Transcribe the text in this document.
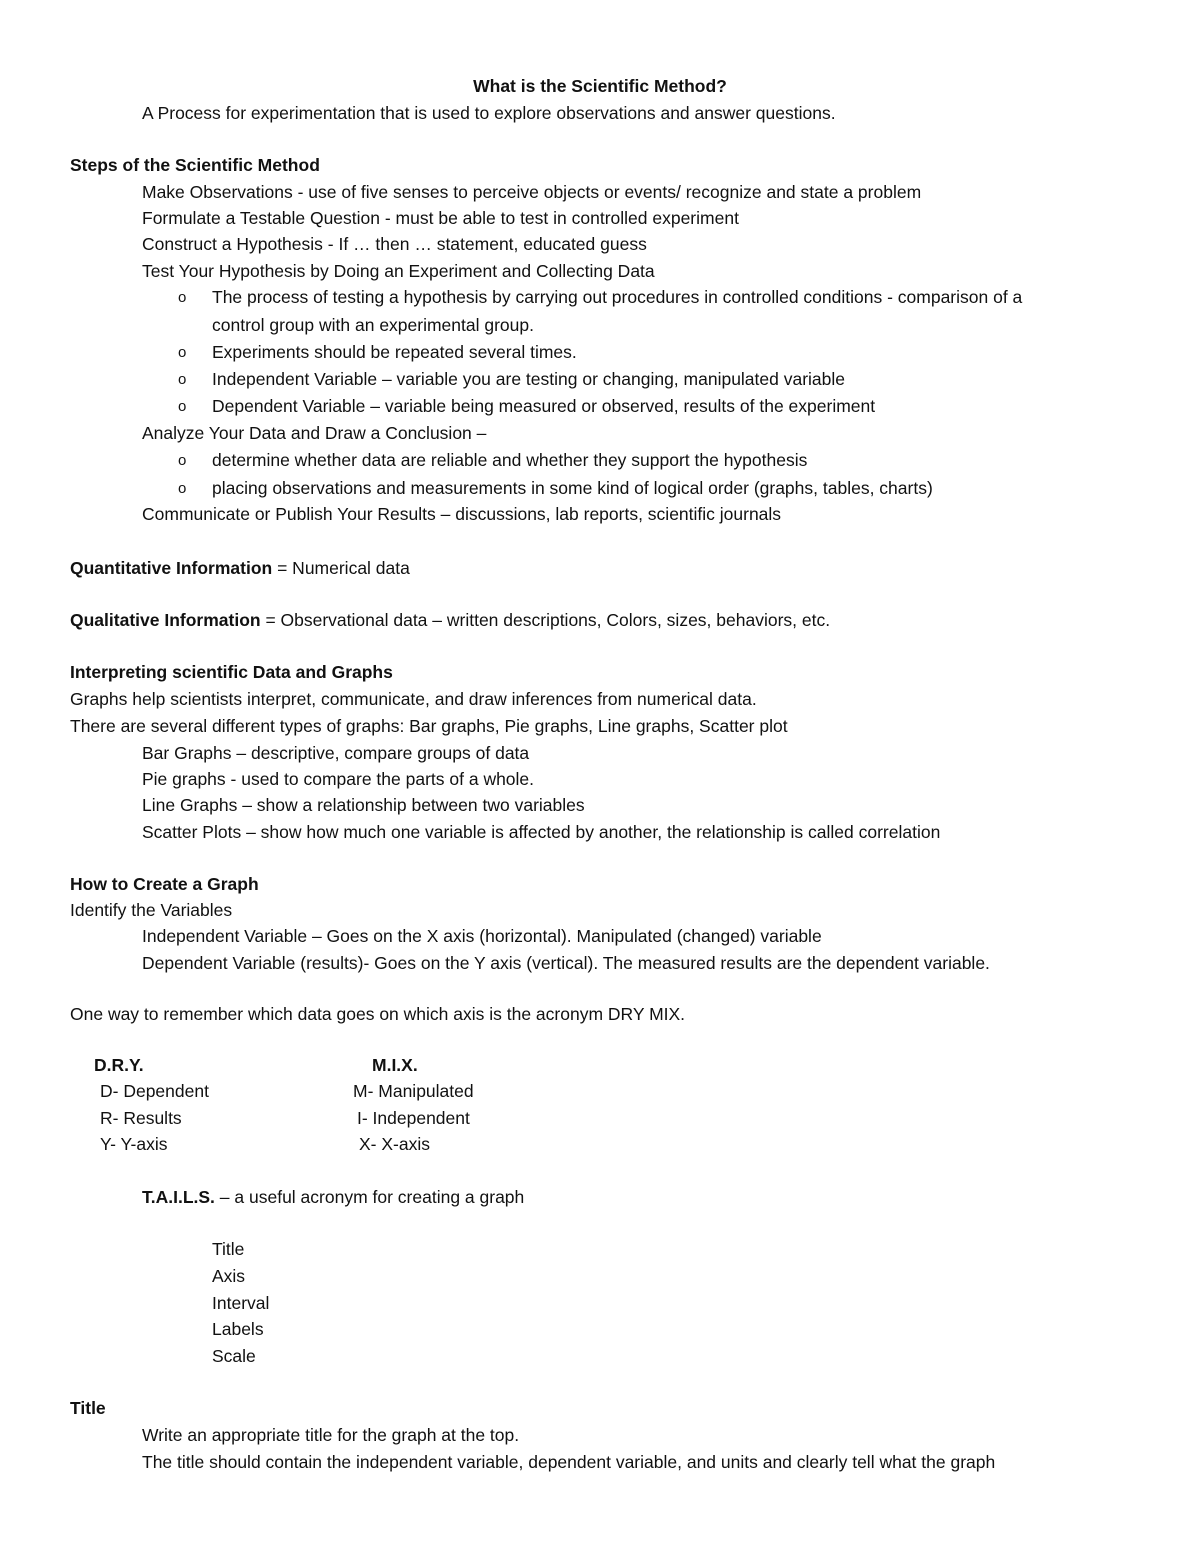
What is the Scientific Method?
A Process for experimentation that is used to explore observations and answer questions.
Steps of the Scientific Method
Make Observations - use of five senses to perceive objects or events/ recognize and state a problem
Formulate a Testable Question - must be able to test in controlled experiment
Construct a Hypothesis - If … then … statement, educated guess
Test Your Hypothesis by Doing an Experiment and Collecting Data
o The process of testing a hypothesis by carrying out procedures in controlled conditions - comparison of a
control group with an experimental group.
o Experiments should be repeated several times.
o Independent Variable – variable you are testing or changing, manipulated variable
o Dependent Variable – variable being measured or observed, results of the experiment
Analyze Your Data and Draw a Conclusion –
o determine whether data are reliable and whether they support the hypothesis
o placing observations and measurements in some kind of logical order (graphs, tables, charts)
Communicate or Publish Your Results – discussions, lab reports, scientific journals
Quantitative Information = Numerical data
Qualitative Information = Observational data – written descriptions, Colors, sizes, behaviors, etc.
Interpreting scientific Data and Graphs
Graphs help scientists interpret, communicate, and draw inferences from numerical data.
There are several different types of graphs: Bar graphs, Pie graphs, Line graphs, Scatter plot
Bar Graphs – descriptive, compare groups of data
Pie graphs - used to compare the parts of a whole.
Line Graphs – show a relationship between two variables
Scatter Plots – show how much one variable is affected by another, the relationship is called correlation
How to Create a Graph
Identify the Variables
Independent Variable – Goes on the X axis (horizontal). Manipulated (changed) variable
Dependent Variable (results)- Goes on the Y axis (vertical). The measured results are the dependent variable.
One way to remember which data goes on which axis is the acronym DRY MIX.
D.R.Y.	M.I.X.
D- Dependent	M- Manipulated
R- Results	I- Independent
Y- Y-axis	X- X-axis
T.A.I.L.S. – a useful acronym for creating a graph
Title
Axis
Interval
Labels
Scale
Title
Write an appropriate title for the graph at the top.
The title should contain the independent variable, dependent variable, and units and clearly tell what the graph
